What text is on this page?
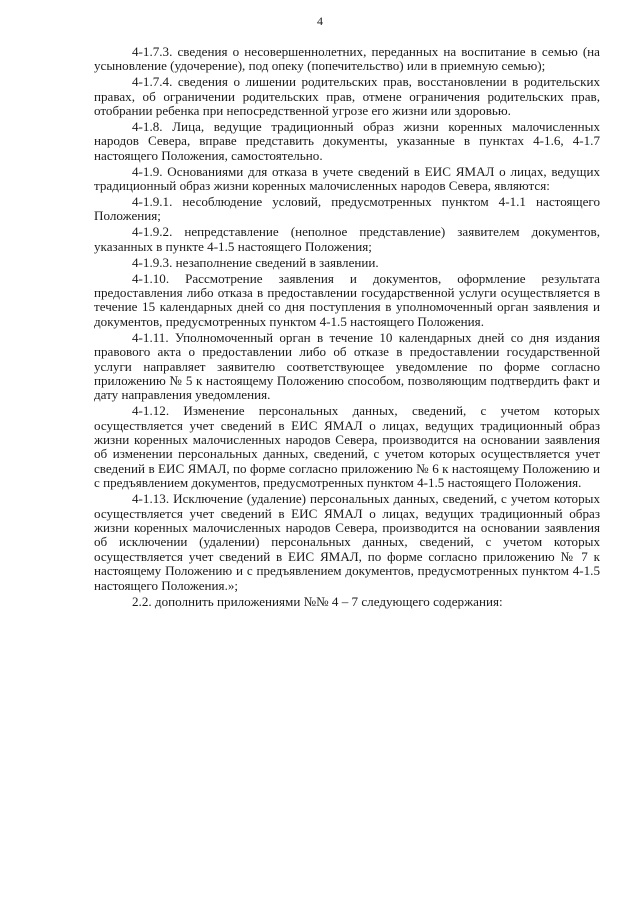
4

4-1.7.3. сведения о несовершеннолетних, переданных на воспитание в семью (на усыновление (удочерение), под опеку (попечительство) или в приемную семью);

4-1.7.4. сведения о лишении родительских прав, восстановлении в родительских правах, об ограничении родительских прав, отмене ограничения родительских прав, отобрании ребенка при непосредственной угрозе его жизни или здоровью.

4-1.8. Лица, ведущие традиционный образ жизни коренных малочисленных народов Севера, вправе представить документы, указанные в пунктах 4-1.6, 4-1.7 настоящего Положения, самостоятельно.

4-1.9. Основаниями для отказа в учете сведений в ЕИС ЯМАЛ о лицах, ведущих традиционный образ жизни коренных малочисленных народов Севера, являются:

4-1.9.1. несоблюдение условий, предусмотренных пунктом 4-1.1 настоящего Положения;

4-1.9.2. непредставление (неполное представление) заявителем документов, указанных в пункте 4-1.5 настоящего Положения;

4-1.9.3. незаполнение сведений в заявлении.

4-1.10. Рассмотрение заявления и документов, оформление результата предоставления либо отказа в предоставлении государственной услуги осуществляется в течение 15 календарных дней со дня поступления в уполномоченный орган заявления и документов, предусмотренных пунктом 4-1.5 настоящего Положения.

4-1.11. Уполномоченный орган в течение 10 календарных дней со дня издания правового акта о предоставлении либо об отказе в предоставлении государственной услуги направляет заявителю соответствующее уведомление по форме согласно приложению № 5 к настоящему Положению способом, позволяющим подтвердить факт и дату направления уведомления.

4-1.12. Изменение персональных данных, сведений, с учетом которых осуществляется учет сведений в ЕИС ЯМАЛ о лицах, ведущих традиционный образ жизни коренных малочисленных народов Севера, производится на основании заявления об изменении персональных данных, сведений, с учетом которых осуществляется учет сведений в ЕИС ЯМАЛ, по форме согласно приложению № 6 к настоящему Положению и с предъявлением документов, предусмотренных пунктом 4-1.5 настоящего Положения.

4-1.13. Исключение (удаление) персональных данных, сведений, с учетом которых осуществляется учет сведений в ЕИС ЯМАЛ о лицах, ведущих традиционный образ жизни коренных малочисленных народов Севера, производится на основании заявления об исключении (удалении) персональных данных, сведений, с учетом которых осуществляется учет сведений в ЕИС ЯМАЛ, по форме согласно приложению № 7 к настоящему Положению и с предъявлением документов, предусмотренных пунктом 4-1.5 настоящего Положения.»;

2.2. дополнить приложениями №№ 4 – 7 следующего содержания:
